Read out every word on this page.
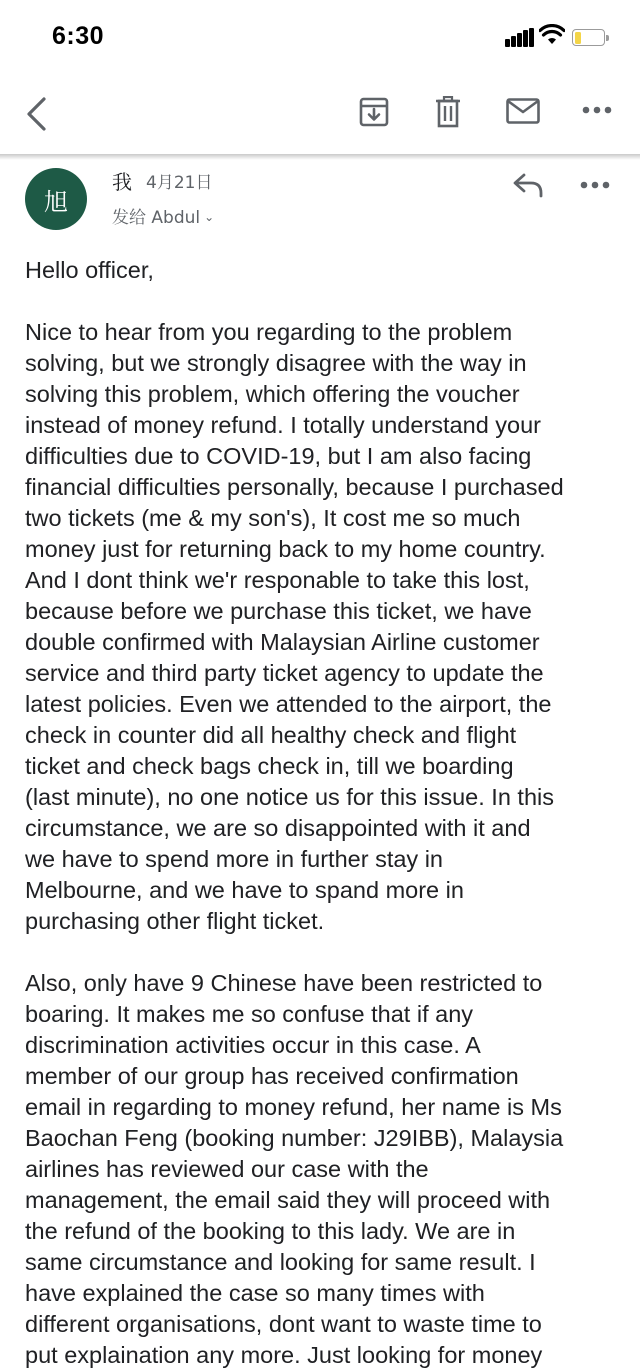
6:30
旭
我 4月21日
发给 Abdul ⌄

Hello officer,

Nice to hear from you regarding to the problem

solving, but we strongly disagree with the way in

solving this problem, which offering the voucher

instead of money refund. I totally understand your

difficulties due to COVID-19, but I am also facing

financial difficulties personally, because I purchased

two tickets (me & my son's), It cost me so much

money just for returning back to my home country.

And I dont think we'r responable to take this lost,

because before we purchase this ticket, we have

double confirmed with Malaysian Airline customer

service and third party ticket agency to update the

latest policies. Even we attended to the airport, the

check in counter did all healthy check and flight

ticket and check bags check in, till we boarding

(last minute), no one notice us for this issue. In this

circumstance, we are so disappointed with it and

we have to spend more in further stay in

Melbourne, and we have to spand more in

purchasing other flight ticket.

Also, only have 9 Chinese have been restricted to

boaring. It makes me so confuse that if any

discrimination activities occur in this case. A

member of our group has received confirmation

email in regarding to money refund, her name is Ms

Baochan Feng (booking number: J29IBB), Malaysia

airlines has reviewed our case with the

management, the email said they will proceed with

the refund of the booking to this lady. We are in

same circumstance and looking for same result. I

have explained the case so many times with

different organisations, dont want to waste time to

put explaination any more. Just looking for money
